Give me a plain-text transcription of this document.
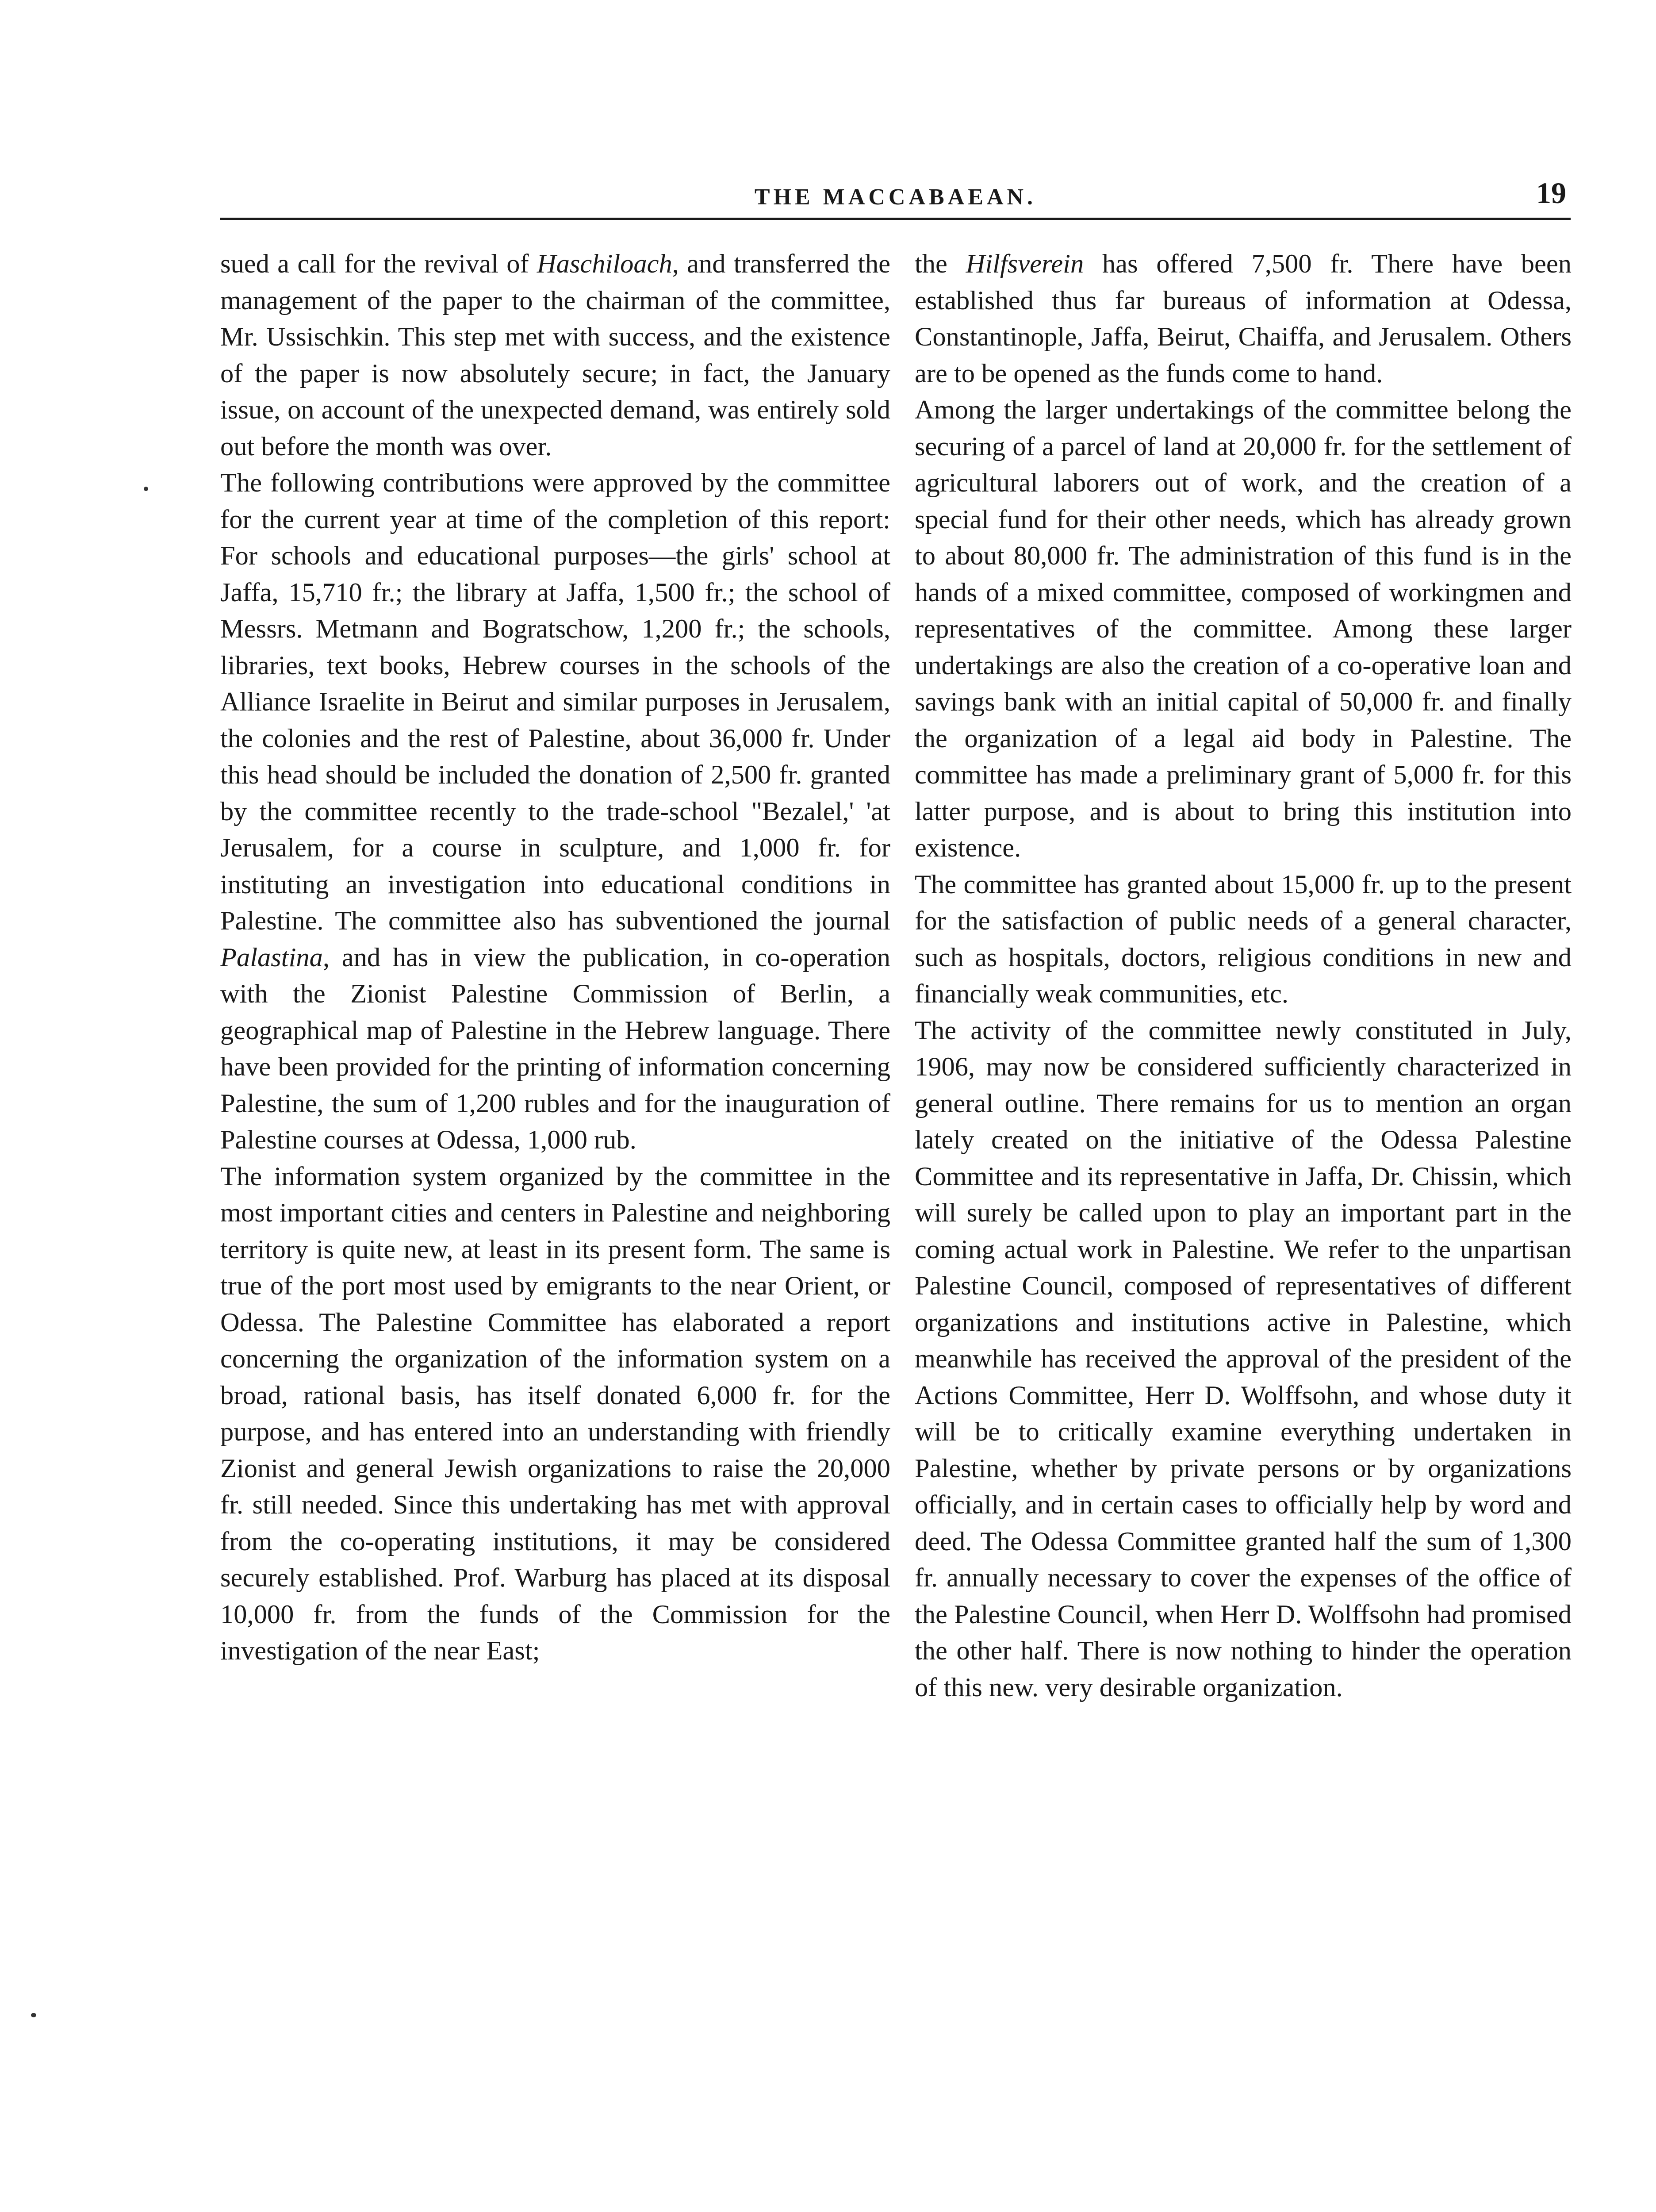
THE MACCABAEAN.	19

sued a call for the revival of Haschiloach, and transferred the management of the paper to the chairman of the committee, Mr. Ussischkin. This step met with success, and the existence of the paper is now absolutely secure; in fact, the January issue, on account of the unexpected demand, was entirely sold out before the month was over.

The following contributions were approved by the committee for the current year at time of the completion of this report: For schools and educational purposes—the girls' school at Jaffa, 15,710 fr.; the library at Jaffa, 1,500 fr.; the school of Messrs. Metmann and Bogratschow, 1,200 fr.; the schools, libraries, text books, Hebrew courses in the schools of the Alliance Israelite in Beirut and similar purposes in Jerusalem, the colonies and the rest of Palestine, about 36,000 fr. Under this head should be included the donation of 2,500 fr. granted by the committee recently to the trade-school "Bezalel,' 'at Jerusalem, for a course in sculpture, and 1,000 fr. for instituting an investigation into educational conditions in Palestine. The committee also has subventioned the journal Palastina, and has in view the publication, in co-operation with the Zionist Palestine Commission of Berlin, a geographical map of Palestine in the Hebrew language. There have been provided for the printing of information concerning Palestine, the sum of 1,200 rubles and for the inauguration of Palestine courses at Odessa, 1,000 rub.

The information system organized by the committee in the most important cities and centers in Palestine and neighboring territory is quite new, at least in its present form. The same is true of the port most used by emigrants to the near Orient, or Odessa. The Palestine Committee has elaborated a report concerning the organization of the information system on a broad, rational basis, has itself donated 6,000 fr. for the purpose, and has entered into an understanding with friendly Zionist and general Jewish organizations to raise the 20,000 fr. still needed. Since this undertaking has met with approval from the co-operating institutions, it may be considered securely established. Prof. Warburg has placed at its disposal 10,000 fr. from the funds of the Commission for the investigation of the near East;

the Hilfsverein has offered 7,500 fr. There have been established thus far bureaus of information at Odessa, Constantinople, Jaffa, Beirut, Chaiffa, and Jerusalem. Others are to be opened as the funds come to hand.

Among the larger undertakings of the committee belong the securing of a parcel of land at 20,000 fr. for the settlement of agricultural laborers out of work, and the creation of a special fund for their other needs, which has already grown to about 80,000 fr. The administration of this fund is in the hands of a mixed committee, composed of workingmen and representatives of the committee. Among these larger undertakings are also the creation of a co-operative loan and savings bank with an initial capital of 50,000 fr. and finally the organization of a legal aid body in Palestine. The committee has made a preliminary grant of 5,000 fr. for this latter purpose, and is about to bring this institution into existence.

The committee has granted about 15,000 fr. up to the present for the satisfaction of public needs of a general character, such as hospitals, doctors, religious conditions in new and financially weak communities, etc.

The activity of the committee newly constituted in July, 1906, may now be considered sufficiently characterized in general outline. There remains for us to mention an organ lately created on the initiative of the Odessa Palestine Committee and its representative in Jaffa, Dr. Chissin, which will surely be called upon to play an important part in the coming actual work in Palestine. We refer to the unpartisan Palestine Council, composed of representatives of different organizations and institutions active in Palestine, which meanwhile has received the approval of the president of the Actions Committee, Herr D. Wolffsohn, and whose duty it will be to critically examine everything undertaken in Palestine, whether by private persons or by organizations officially, and in certain cases to officially help by word and deed. The Odessa Committee granted half the sum of 1,300 fr. annually necessary to cover the expenses of the office of the Palestine Council, when Herr D. Wolffsohn had promised the other half. There is now nothing to hinder the operation of this new. very desirable organization.
